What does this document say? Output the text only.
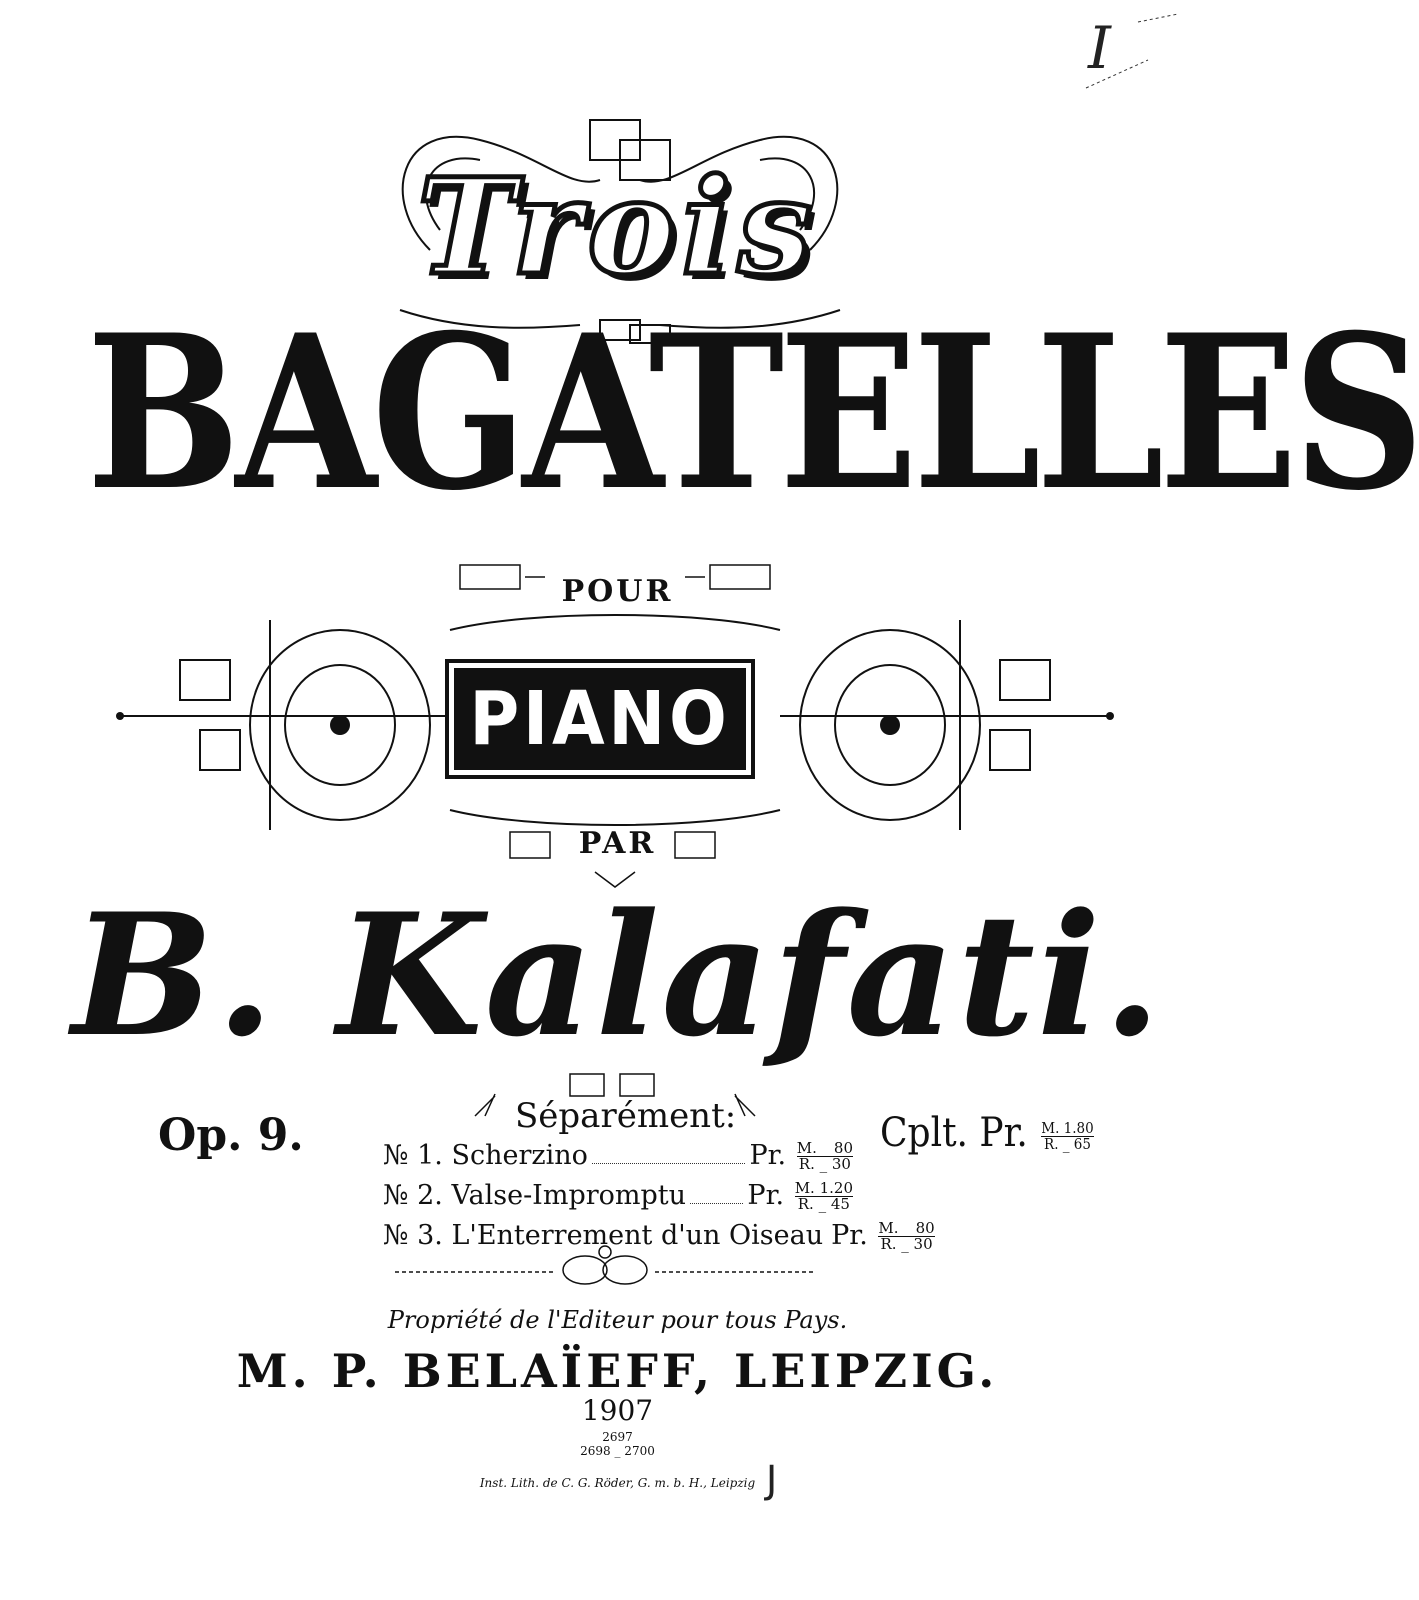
I
Trois
BAGATELLES
POUR
PIANO
PAR
B. Kalafati.
Op. 9.	Séparément:	Cplt. Pr. $\frac{M. 1.80}{R. \_ 65}$
№ 1. Scherzino	Pr. $\frac{M. \_ 80}{R. \_ 30}$
№ 2. Valse-Impromptu Pr. $\frac{M. 1.20}{R. \_ 45}$
№ 3. L'Enterrement d'un Oiseau Pr. $\frac{M. \_ 80}{R. \_ 30}$
Propriété de l'Editeur pour tous Pays.
M. P. BELAÏEFF, LEIPZIG.
1907
2697
2698 _ 2700
Inst. Lith. de C. G. Röder, G. m. b. H., Leipzig J
